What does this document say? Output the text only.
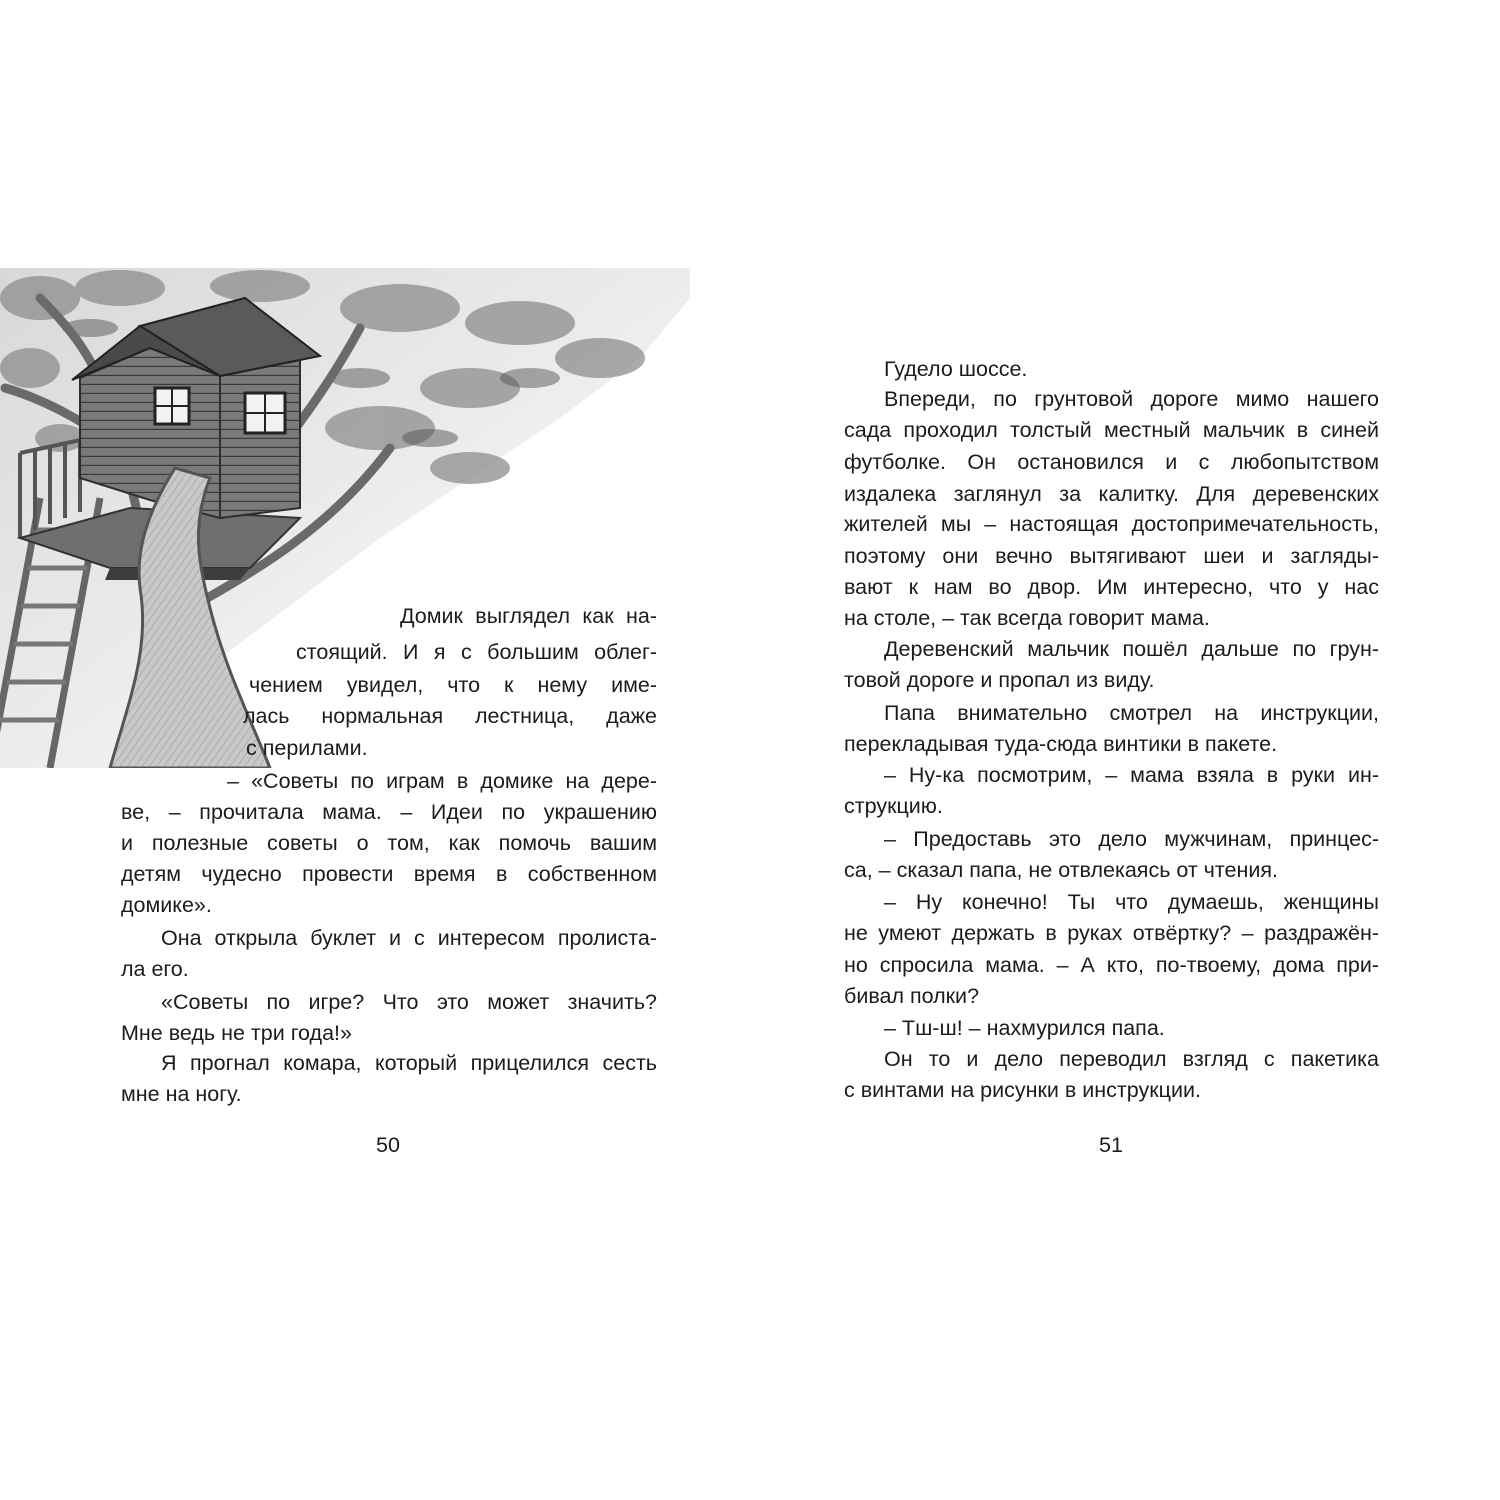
Домик выглядел как на-
стоящий. И я с большим облег-
чением увидел, что к нему име-
лась нормальная лестница, даже
с перилами.
– «Советы по играм в домике на дере-
ве, – прочитала мама. – Идеи по украшению
и полезные советы о том, как помочь вашим
детям чудесно провести время в собственном
домике».
Она открыла буклет и с интересом пролиста-
ла его.
«Советы по игре? Что это может значить?
Мне ведь не три года!»
Я прогнал комара, который прицелился сесть
мне на ногу.
50
Гудело шоссе.
Впереди, по грунтовой дороге мимо нашего
сада проходил толстый местный мальчик в синей
футболке. Он остановился и с любопытством
издалека заглянул за калитку. Для деревенских
жителей мы – настоящая достопримечательность,
поэтому они вечно вытягивают шеи и загляды-
вают к нам во двор. Им интересно, что у нас
на столе, – так всегда говорит мама.
Деревенский мальчик пошёл дальше по грун-
товой дороге и пропал из виду.
Папа внимательно смотрел на инструкции,
перекладывая туда-сюда винтики в пакете.
– Ну-ка посмотрим, – мама взяла в руки ин-
струкцию.
– Предоставь это дело мужчинам, принцес-
са, – сказал папа, не отвлекаясь от чтения.
– Ну конечно! Ты что думаешь, женщины
не умеют держать в руках отвёртку? – раздражён-
но спросила мама. – А кто, по-твоему, дома при-
бивал полки?
– Тш-ш! – нахмурился папа.
Он то и дело переводил взгляд с пакетика
с винтами на рисунки в инструкции.
51
